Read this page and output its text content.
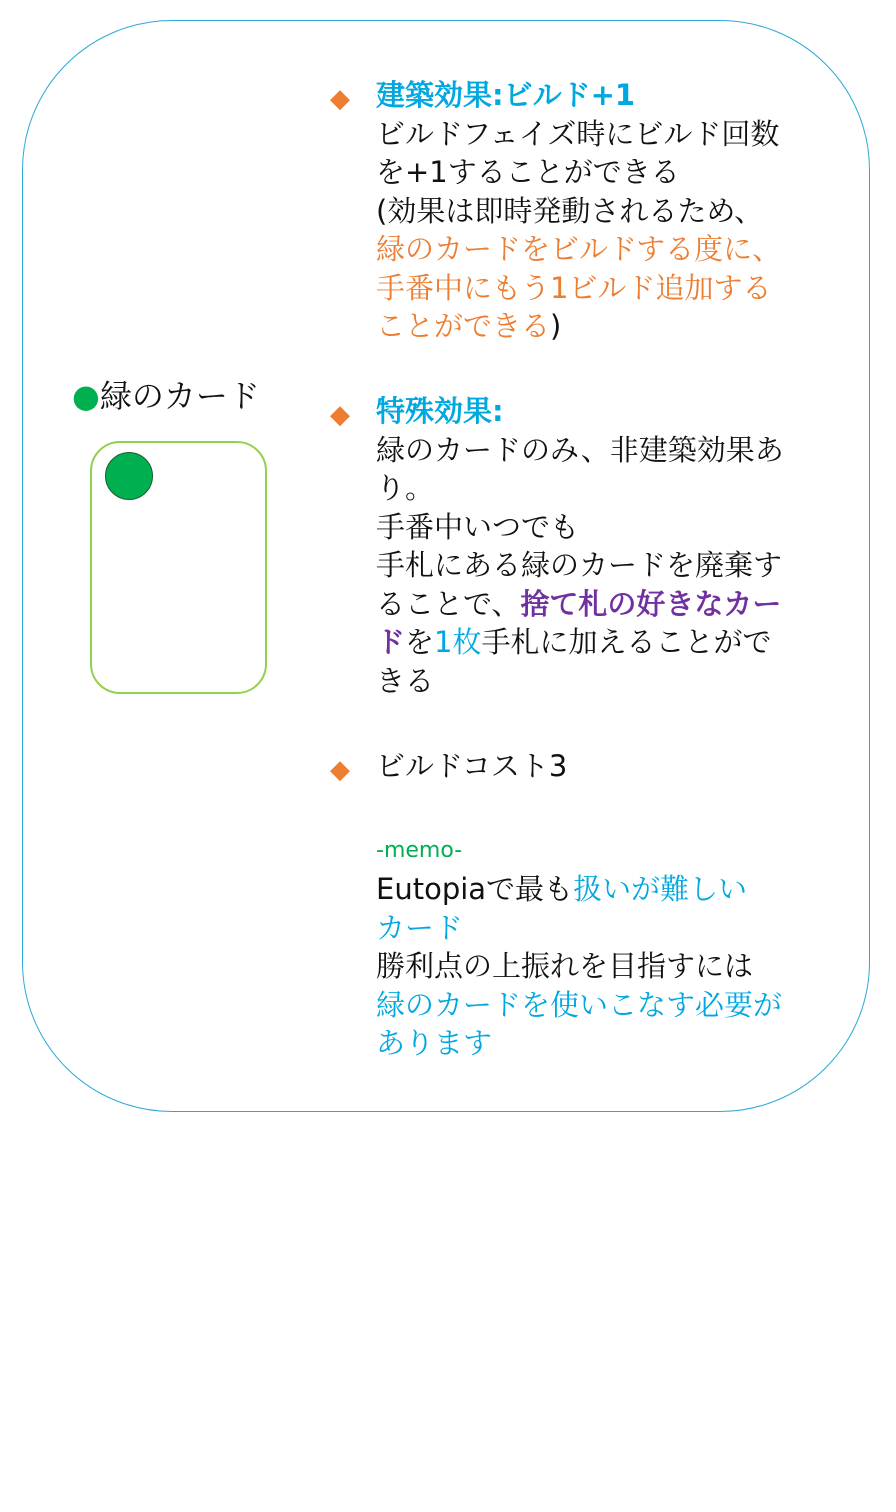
●緑のカード
◆ 建築効果:ビルド+1
ビルドフェイズ時にビルド回数
を+1することができる
(効果は即時発動されるため、
緑のカードをビルドする度に、
手番中にもう1ビルド追加する
ことができる)
◆ 特殊効果:
緑のカードのみ、非建築効果あ
り。
手番中いつでも
手札にある緑のカードを廃棄す
ることで、捨て札の好きなカー
ドを1枚手札に加えることがで
きる
◆ ビルドコスト3
-memo-
Eutopiaで最も扱いが難しい
カード
勝利点の上振れを目指すには
緑のカードを使いこなす必要が
あります
